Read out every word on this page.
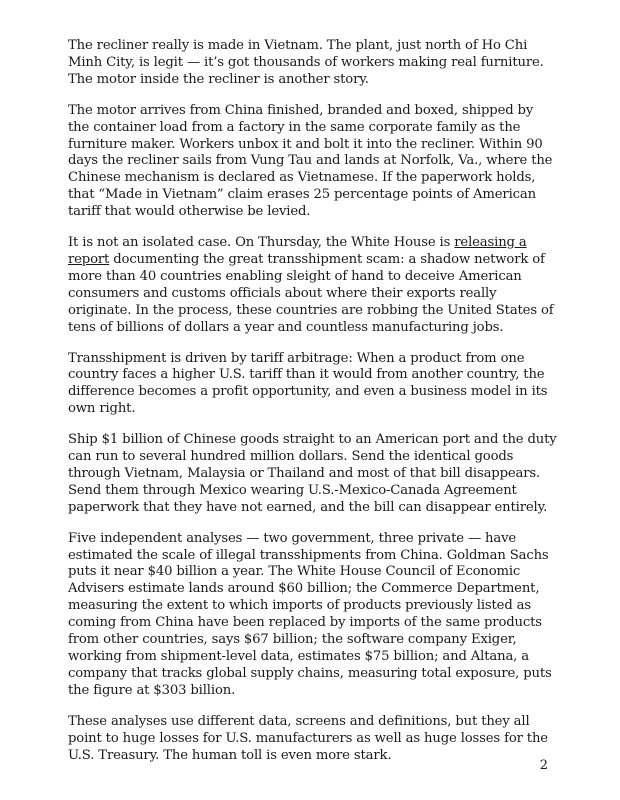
The recliner really is made in Vietnam. The plant, just north of Ho Chi Minh City, is legit — it’s got thousands of workers making real furniture. The motor inside the recliner is another story.

The motor arrives from China finished, branded and boxed, shipped by the container load from a factory in the same corporate family as the furniture maker. Workers unbox it and bolt it into the recliner. Within 90 days the recliner sails from Vung Tau and lands at Norfolk, Va., where the Chinese mechanism is declared as Vietnamese. If the paperwork holds, that “Made in Vietnam” claim erases 25 percentage points of American tariff that would otherwise be levied.

It is not an isolated case. On Thursday, the White House is releasing a report documenting the great transshipment scam: a shadow network of more than 40 countries enabling sleight of hand to deceive American consumers and customs officials about where their exports really originate. In the process, these countries are robbing the United States of tens of billions of dollars a year and countless manufacturing jobs.

Transshipment is driven by tariff arbitrage: When a product from one country faces a higher U.S. tariff than it would from another country, the difference becomes a profit opportunity, and even a business model in its own right.

Ship $1 billion of Chinese goods straight to an American port and the duty can run to several hundred million dollars. Send the identical goods through Vietnam, Malaysia or Thailand and most of that bill disappears. Send them through Mexico wearing U.S.-Mexico-Canada Agreement paperwork that they have not earned, and the bill can disappear entirely.

Five independent analyses — two government, three private — have estimated the scale of illegal transshipments from China. Goldman Sachs puts it near $40 billion a year. The White House Council of Economic Advisers estimate lands around $60 billion; the Commerce Department, measuring the extent to which imports of products previously listed as coming from China have been replaced by imports of the same products from other countries, says $67 billion; the software company Exiger, working from shipment-level data, estimates $75 billion; and Altana, a company that tracks global supply chains, measuring total exposure, puts the figure at $303 billion.

These analyses use different data, screens and definitions, but they all point to huge losses for U.S. manufacturers as well as huge losses for the U.S. Treasury. The human toll is even more stark.

2
